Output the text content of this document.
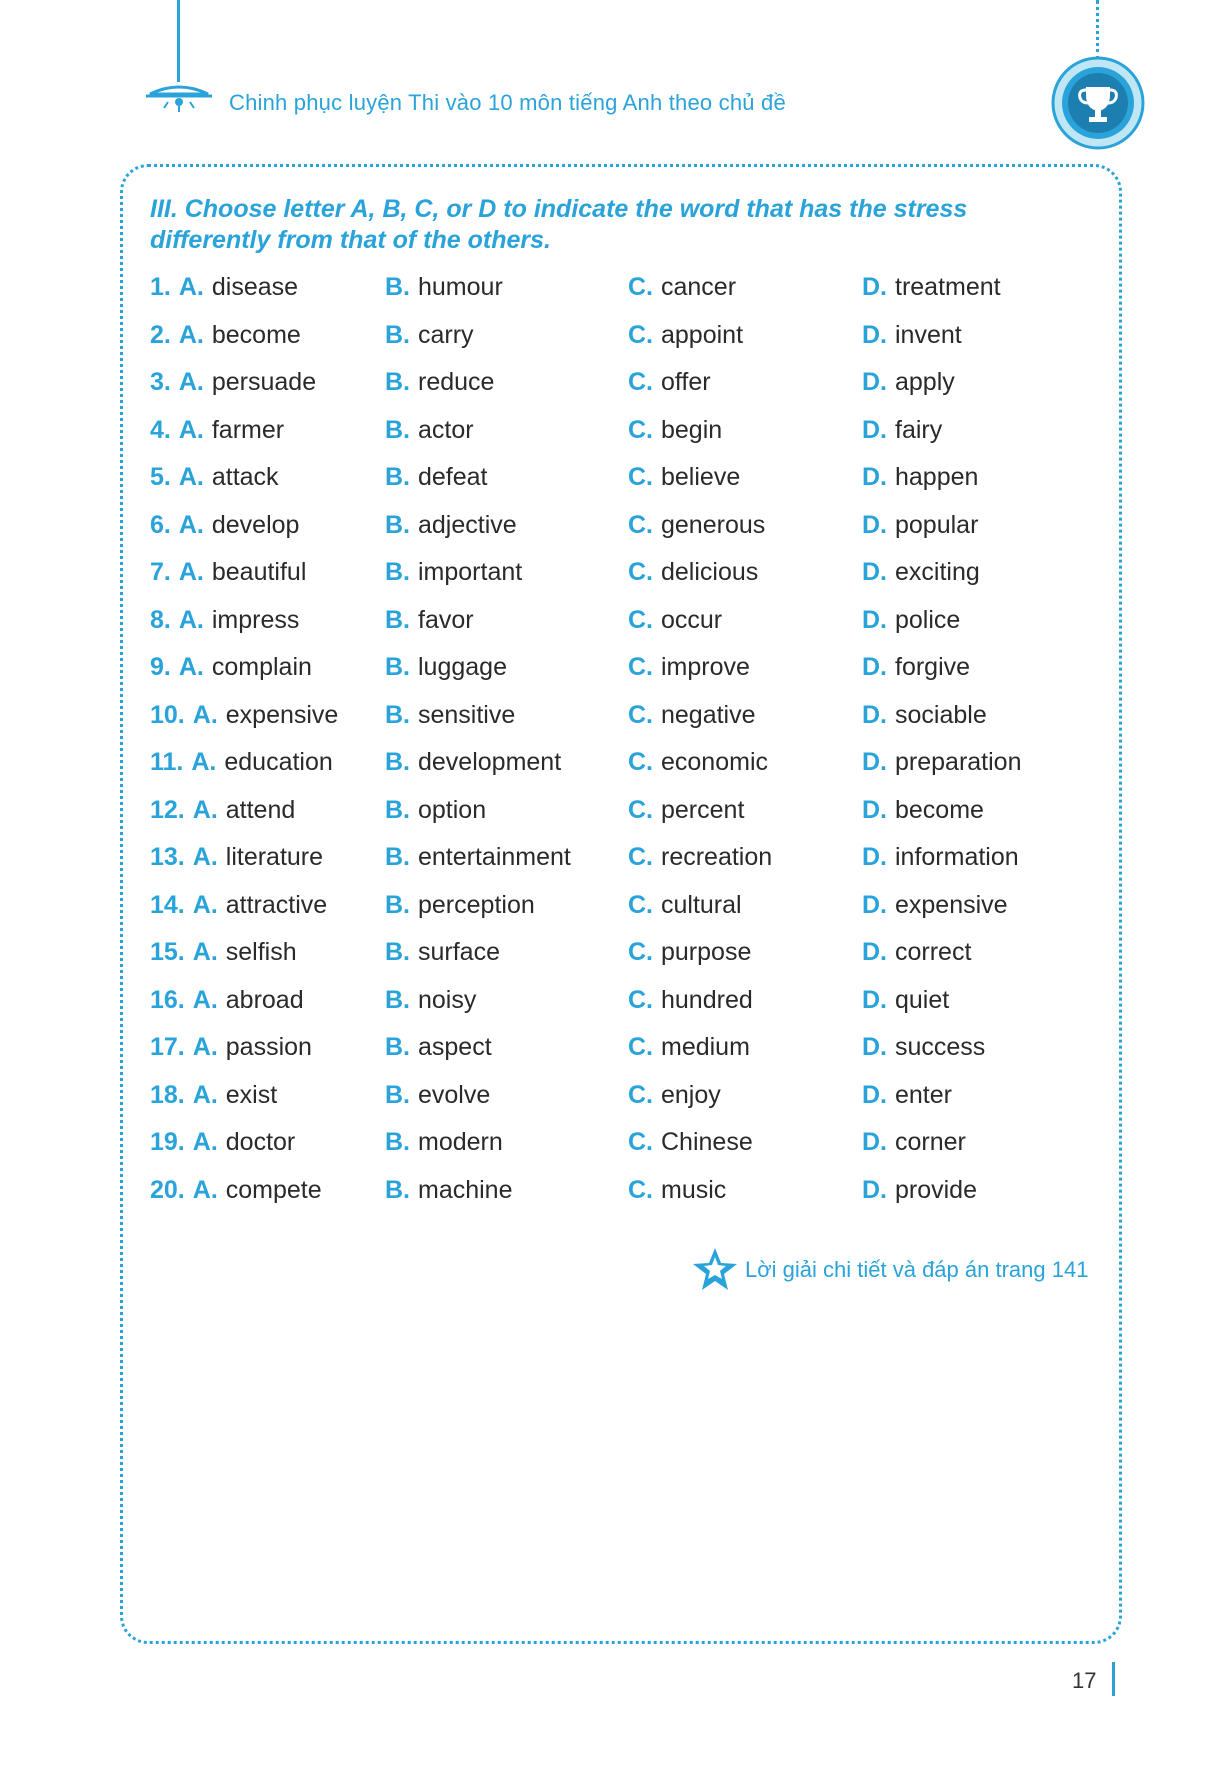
Chinh phục luyện Thi vào 10 môn tiếng Anh theo chủ đề
III. Choose letter A, B, C, or D to indicate the word that has the stress differently from that of the others.
1. A. disease	B. humour	C. cancer	D. treatment
2. A. become	B. carry	C. appoint	D. invent
3. A. persuade	B. reduce	C. offer	D. apply
4. A. farmer	B. actor	C. begin	D. fairy
5. A. attack	B. defeat	C. believe	D. happen
6. A. develop	B. adjective	C. generous	D. popular
7. A. beautiful	B. important	C. delicious	D. exciting
8. A. impress	B. favor	C. occur	D. police
9. A. complain	B. luggage	C. improve	D. forgive
10. A. expensive B. sensitive	C. negative	D. sociable
11. A. education B. development	C. economic	D. preparation
12. A. attend	B. option	C. percent	D. become
13. A. literature B. entertainment C. recreation	D. information
14. A. attractive B. perception	C. cultural	D. expensive
15. A. selfish	B. surface	C. purpose	D. correct
16. A. abroad	B. noisy	C. hundred	D. quiet
17. A. passion	B. aspect	C. medium	D. success
18. A. exist	B. evolve	C. enjoy	D. enter
19. A. doctor	B. modern	C. Chinese	D. corner
20. A. compete	B. machine	C. music	D. provide
Lời giải chi tiết và đáp án trang 141
17
